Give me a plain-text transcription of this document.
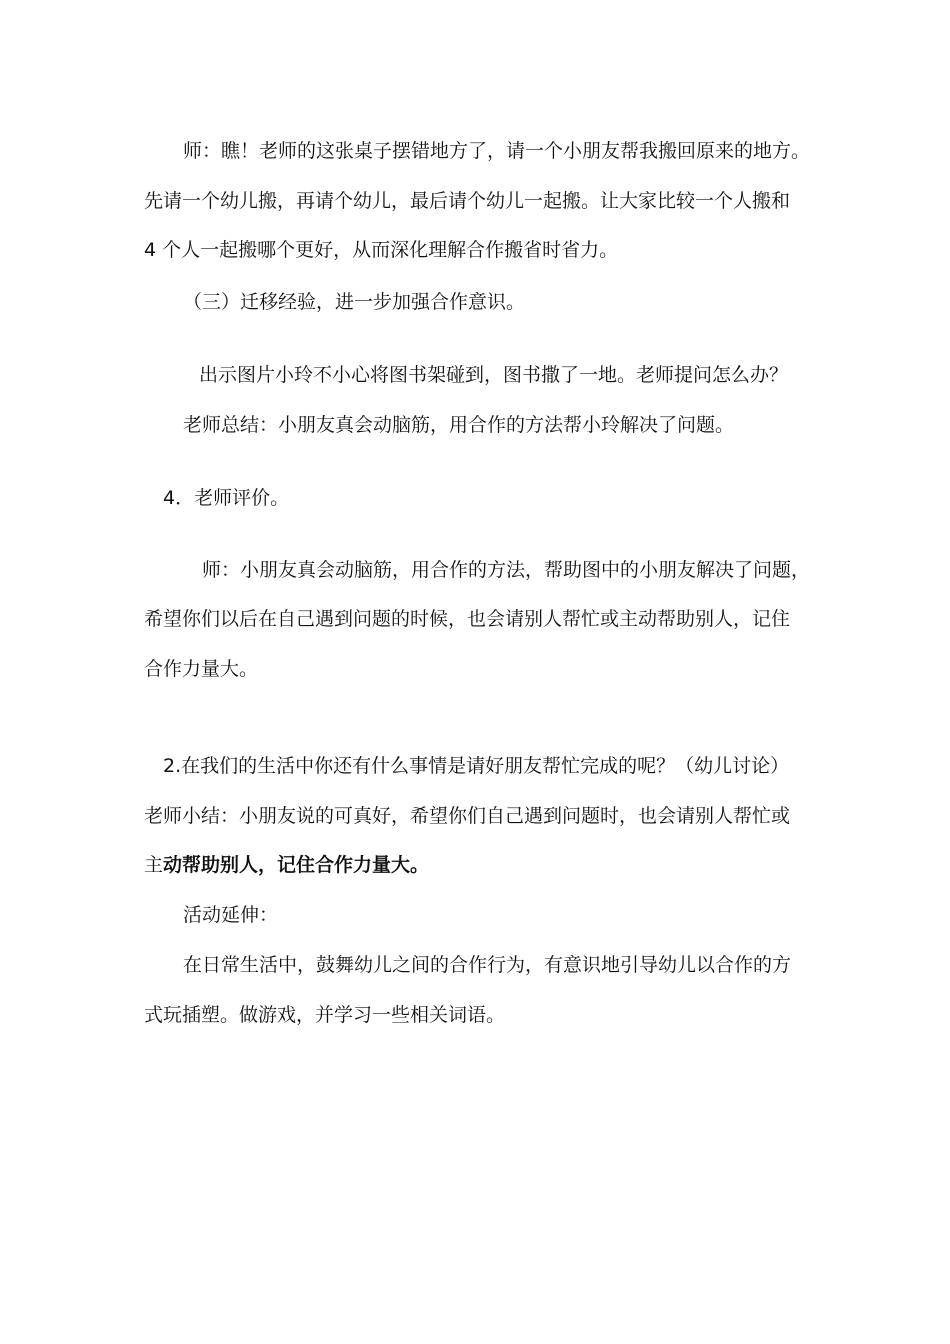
师：瞧！老师的这张桌子摆错地方了，请一个小朋友帮我搬回原来的地方。
先请一个幼儿搬，再请个幼儿，最后请个幼儿一起搬。让大家比较一个人搬和
4 个人一起搬哪个更好，从而深化理解合作搬省时省力。
（三）迁移经验，进一步加强合作意识。
出示图片小玲不小心将图书架碰到，图书撒了一地。老师提问怎么办？
老师总结：小朋友真会动脑筋，用合作的方法帮小玲解决了问题。
4．老师评价。
师：小朋友真会动脑筋，用合作的方法，帮助图中的小朋友解决了问题，
希望你们以后在自己遇到问题的时候，也会请别人帮忙或主动帮助别人，记住
合作力量大。
2.在我们的生活中你还有什么事情是请好朋友帮忙完成的呢？（幼儿讨论）
老师小结：小朋友说的可真好，希望你们自己遇到问题时，也会请别人帮忙或
主动帮助别人，记住合作力量大。
活动延伸：
在日常生活中，鼓舞幼儿之间的合作行为，有意识地引导幼儿以合作的方
式玩插塑。做游戏，并学习一些相关词语。
